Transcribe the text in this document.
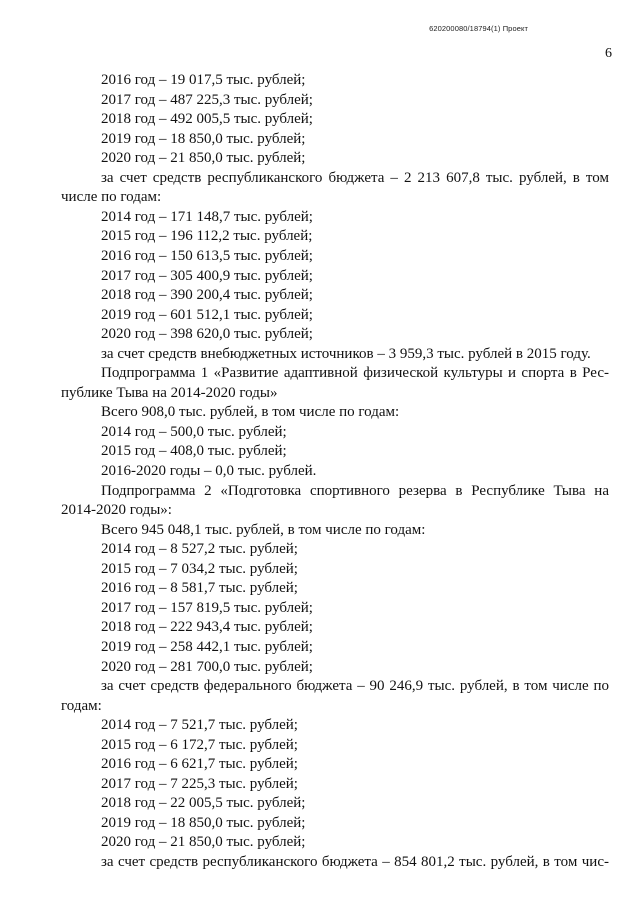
620200080/18794(1) Проект
6
2016 год – 19 017,5 тыс. рублей;
2017 год – 487 225,3 тыс. рублей;
2018 год – 492 005,5 тыс. рублей;
2019 год – 18 850,0 тыс. рублей;
2020 год – 21 850,0 тыс. рублей;
за счет средств республиканского бюджета – 2 213 607,8 тыс. рублей, в том
числе по годам:
2014 год – 171 148,7 тыс. рублей;
2015 год – 196 112,2 тыс. рублей;
2016 год – 150 613,5 тыс. рублей;
2017 год – 305 400,9 тыс. рублей;
2018 год – 390 200,4 тыс. рублей;
2019 год – 601 512,1 тыс. рублей;
2020 год – 398 620,0 тыс. рублей;
за счет средств внебюджетных источников – 3 959,3 тыс. рублей в 2015 году.
Подпрограмма 1 «Развитие адаптивной физической культуры и спорта в Рес-
публике Тыва на 2014-2020 годы»
Всего 908,0 тыс. рублей, в том числе по годам:
2014 год – 500,0 тыс. рублей;
2015 год – 408,0 тыс. рублей;
2016-2020 годы – 0,0 тыс. рублей.
Подпрограмма 2 «Подготовка спортивного резерва в Республике Тыва на
2014-2020 годы»:
Всего 945 048,1 тыс. рублей, в том числе по годам:
2014 год – 8 527,2 тыс. рублей;
2015 год – 7 034,2 тыс. рублей;
2016 год – 8 581,7 тыс. рублей;
2017 год – 157 819,5 тыс. рублей;
2018 год – 222 943,4 тыс. рублей;
2019 год – 258 442,1 тыс. рублей;
2020 год – 281 700,0 тыс. рублей;
за счет средств федерального бюджета – 90 246,9 тыс. рублей, в том числе по
годам:
2014 год – 7 521,7 тыс. рублей;
2015 год – 6 172,7 тыс. рублей;
2016 год – 6 621,7 тыс. рублей;
2017 год – 7 225,3 тыс. рублей;
2018 год – 22 005,5 тыс. рублей;
2019 год – 18 850,0 тыс. рублей;
2020 год – 21 850,0 тыс. рублей;
за счет средств республиканского бюджета – 854 801,2 тыс. рублей, в том чис-
